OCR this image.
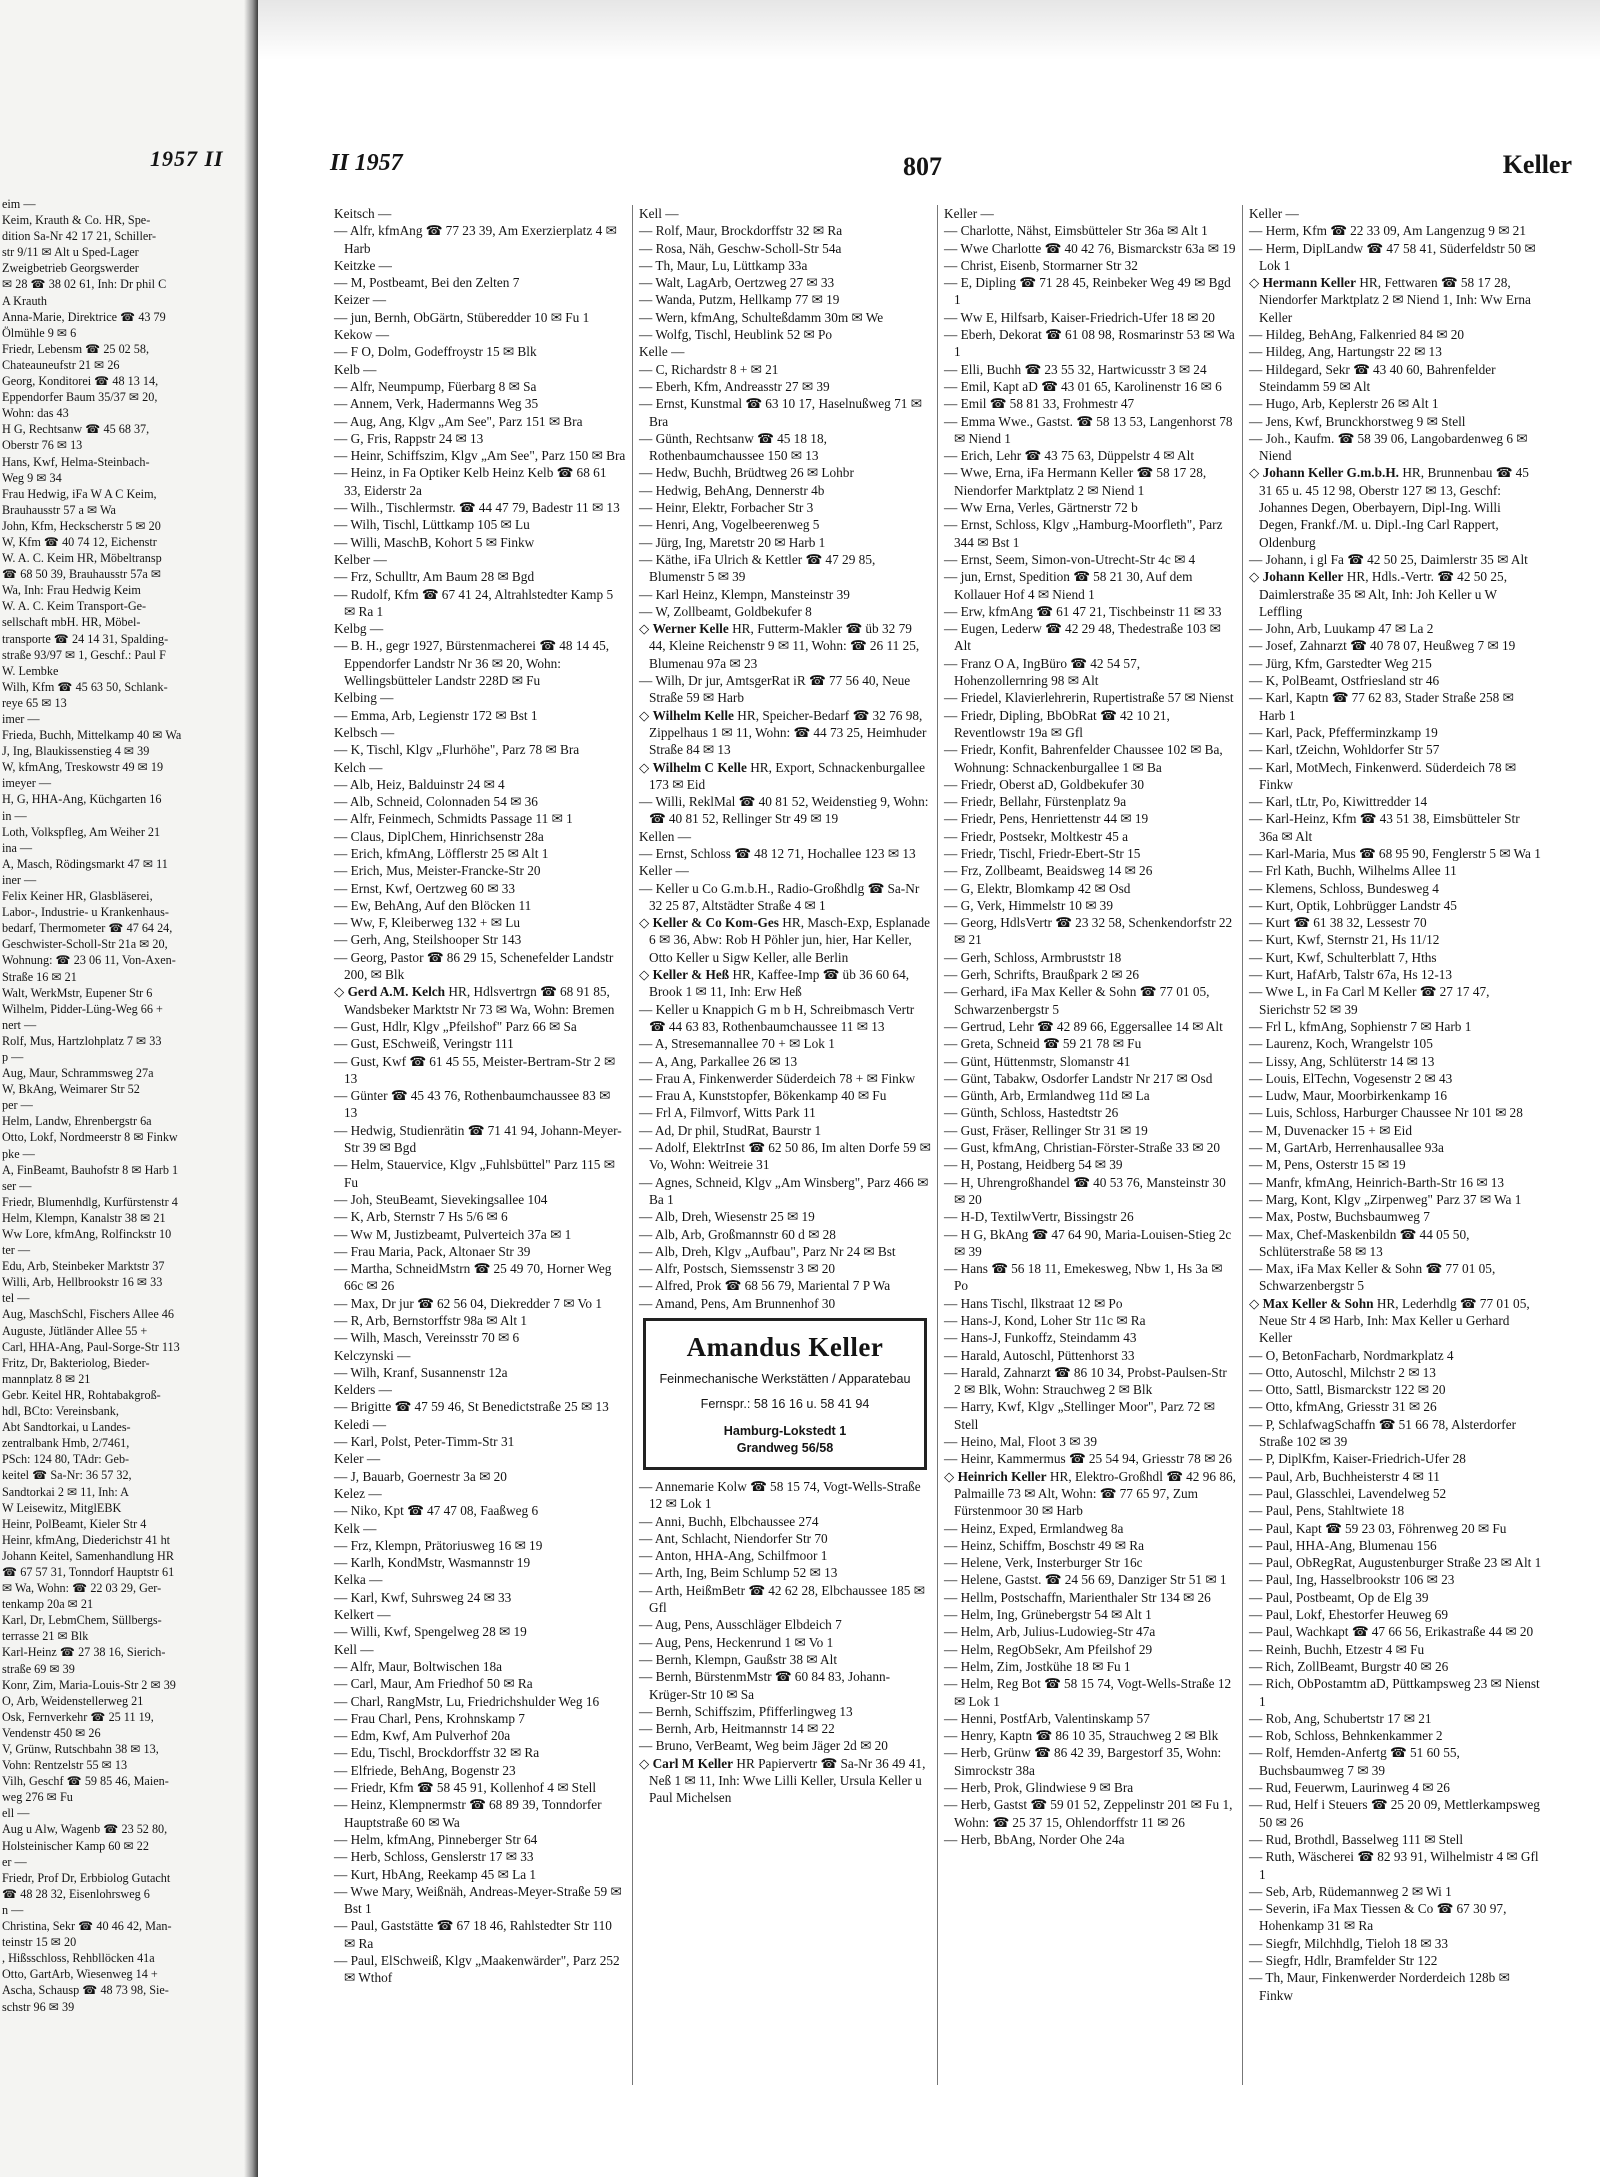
1957 II
eim —
Keim, Krauth & Co. HR, Spe-
dition Sa-Nr 42 17 21, Schiller-
str 9/11 ✉ Alt u Sped-Lager
Zweigbetrieb Georgswerder
✉ 28 ☎ 38 02 61, Inh: Dr phil C
A Krauth
Anna-Marie, Direktrice ☎ 43 79
Ölmühle 9 ✉ 6
Friedr, Lebensm ☎ 25 02 58,
Chateauneufstr 21 ✉ 26
Georg, Konditorei ☎ 48 13 14,
Eppendorfer Baum 35/37 ✉ 20,
Wohn: das 43
H G, Rechtsanw ☎ 45 68 37,
Oberstr 76 ✉ 13
Hans, Kwf, Helma-Steinbach-
Weg 9 ✉ 34
Frau Hedwig, iFa W A C Keim,
Brauhausstr 57 a ✉ Wa
John, Kfm, Heckscherstr 5 ✉ 20
W, Kfm ☎ 40 74 12, Eichenstr
W. A. C. Keim HR, Möbeltransp
☎ 68 50 39, Brauhausstr 57a ✉
Wa, Inh: Frau Hedwig Keim
W. A. C. Keim Transport-Ge-
sellschaft mbH. HR, Möbel-
transporte ☎ 24 14 31, Spalding-
straße 93/97 ✉ 1, Geschf.: Paul F
W. Lembke
Wilh, Kfm ☎ 45 63 50, Schlank-
reye 65 ✉ 13
imer —
Frieda, Buchh, Mittelkamp 40 ✉ Wa
J, Ing, Blaukissenstieg 4 ✉ 39
W, kfmAng, Treskowstr 49 ✉ 19
imeyer —
H, G, HHA-Ang, Küchgarten 16
in —
Loth, Volkspfleg, Am Weiher 21
ina —
A, Masch, Rödingsmarkt 47 ✉ 11
iner —
Felix Keiner HR, Glasbläserei,
Labor-, Industrie- u Krankenhaus-
bedarf, Thermometer ☎ 47 64 24,
Geschwister-Scholl-Str 21a ✉ 20,
Wohnung: ☎ 23 06 11, Von-Axen-
Straße 16 ✉ 21
Walt, WerkMstr, Eupener Str 6
Wilhelm, Pidder-Lüng-Weg 66 +
nert —
Rolf, Mus, Hartzlohplatz 7 ✉ 33
p —
Aug, Maur, Schrammsweg 27a
W, BkAng, Weimarer Str 52
per —
Helm, Landw, Ehrenbergstr 6a
Otto, Lokf, Nordmeerstr 8 ✉ Finkw
pke —
A, FinBeamt, Bauhofstr 8 ✉ Harb 1
ser —
Friedr, Blumenhdlg, Kurfürstenstr 4
Helm, Klempn, Kanalstr 38 ✉ 21
Ww Lore, kfmAng, Rolfinckstr 10
ter —
Edu, Arb, Steinbeker Marktstr 37
Willi, Arb, Hellbrookstr 16 ✉ 33
tel —
Aug, MaschSchl, Fischers Allee 46
Auguste, Jütländer Allee 55 +
Carl, HHA-Ang, Paul-Sorge-Str 113
Fritz, Dr, Bakteriolog, Bieder-
mannplatz 8 ✉ 21
Gebr. Keitel HR, Rohtabakgroß-
hdl, BCto: Vereinsbank,
Abt Sandtorkai, u Landes-
zentralbank Hmb, 2/7461,
PSch: 124 80, TAdr: Geb-
keitel ☎ Sa-Nr: 36 57 32,
Sandtorkai 2 ✉ 11, Inh: A
W Leisewitz, MitglEBK
Heinr, PolBeamt, Kieler Str 4
Heinr, kfmAng, Diederichstr 41 ht
Johann Keitel, Samenhandlung HR
☎ 67 57 31, Tonndorf Hauptstr 61
✉ Wa, Wohn: ☎ 22 03 29, Ger-
tenkamp 20a ✉ 21
Karl, Dr, LebmChem, Süllbergs-
terrasse 21 ✉ Blk
Karl-Heinz ☎ 27 38 16, Sierich-
straße 69 ✉ 39
Konr, Zim, Maria-Louis-Str 2 ✉ 39
O, Arb, Weidenstellerweg 21
Osk, Fernverkehr ☎ 25 11 19,
Vendenstr 450 ✉ 26
V, Grünw, Rutschbahn 38 ✉ 13,
Vohn: Rentzelstr 55 ✉ 13
Vilh, Geschf ☎ 59 85 46, Maien-
weg 276 ✉ Fu
ell —
Aug u Alw, Wagenb ☎ 23 52 80,
Holsteinischer Kamp 60 ✉ 22
er —
Friedr, Prof Dr, Erbbiolog Gutacht
☎ 48 28 32, Eisenlohrsweg 6
n —
Christina, Sekr ☎ 40 46 42, Man-
teinstr 15 ✉ 20
, Hißsschloss, Rehbllöcken 41a
Otto, GartArb, Wiesenweg 14 +
Ascha, Schausp ☎ 48 73 98, Sie-
schstr 96 ✉ 39
II 1957	807	Keller
Keitsch —
— Alfr, kfmAng ☎ 77 23 39, Am Exerzierplatz 4 ✉ Harb
Keitzke —
— M, Postbeamt, Bei den Zelten 7
Keizer —
— jun, Bernh, ObGärtn, Stüberedder 10 ✉ Fu 1
Kekow —
— F O, Dolm, Godeffroystr 15 ✉ Blk
Kelb —
— Alfr, Neumpump, Füerbarg 8 ✉ Sa
— Annem, Verk, Hadermanns Weg 35
— Aug, Ang, Klgv „Am See", Parz 151 ✉ Bra
— G, Fris, Rappstr 24 ✉ 13
— Heinr, Schiffszim, Klgv „Am See", Parz 150 ✉ Bra
— Heinz, in Fa Optiker Kelb Heinz Kelb ☎ 68 61 33, Eiderstr 2a
— Wilh., Tischlermstr. ☎ 44 47 79, Badestr 11 ✉ 13
— Wilh, Tischl, Lüttkamp 105 ✉ Lu
— Willi, MaschB, Kohort 5 ✉ Finkw
Kelber —
— Frz, Schulltr, Am Baum 28 ✉ Bgd
— Rudolf, Kfm ☎ 67 41 24, Altrahlstedter Kamp 5 ✉ Ra 1
Kelbg —
— B. H., gegr 1927, Bürstenmacherei ☎ 48 14 45, Eppendorfer Landstr Nr 36 ✉ 20, Wohn: Wellingsbütteler Landstr 228D ✉ Fu
Kelbing —
— Emma, Arb, Legienstr 172 ✉ Bst 1
Kelbsch —
— K, Tischl, Klgv „Flurhöhe", Parz 78 ✉ Bra
Kelch —
— Alb, Heiz, Balduinstr 24 ✉ 4
— Alb, Schneid, Colonnaden 54 ✉ 36
— Alfr, Feinmech, Schmidts Passage 11 ✉ 1
— Claus, DiplChem, Hinrichsenstr 28a
— Erich, kfmAng, Löfflerstr 25 ✉ Alt 1
— Erich, Mus, Meister-Francke-Str 20
— Ernst, Kwf, Oertzweg 60 ✉ 33
— Ew, BehAng, Auf den Blöcken 11
— Ww, F, Kleiberweg 132 + ✉ Lu
— Gerh, Ang, Steilshooper Str 143
— Georg, Pastor ☎ 86 29 15, Schenefelder Landstr 200, ✉ Blk
◇ Gerd A.M. Kelch HR, Hdlsvertrgn ☎ 68 91 85, Wandsbeker Marktstr Nr 73 ✉ Wa, Wohn: Bremen
— Gust, Hdlr, Klgv „Pfeilshof" Parz 66 ✉ Sa
— Gust, ESchweiß, Veringstr 111
— Gust, Kwf ☎ 61 45 55, Meister-Bertram-Str 2 ✉ 13
— Günter ☎ 45 43 76, Rothenbaumchaussee 83 ✉ 13
— Hedwig, Studienrätin ☎ 71 41 94, Johann-Meyer-Str 39 ✉ Bgd
— Helm, Stauervice, Klgv „Fuhlsbüttel" Parz 115 ✉ Fu
— Joh, SteuBeamt, Sievekingsallee 104
— K, Arb, Sternstr 7 Hs 5/6 ✉ 6
— Ww M, Justizbeamt, Pulverteich 37a ✉ 1
— Frau Maria, Pack, Altonaer Str 39
— Martha, SchneidMstrn ☎ 25 49 70, Horner Weg 66c ✉ 26
— Max, Dr jur ☎ 62 56 04, Diekredder 7 ✉ Vo 1
— R, Arb, Bernstorffstr 98a ✉ Alt 1
— Wilh, Masch, Vereinsstr 70 ✉ 6
Kelczynski —
— Wilh, Kranf, Susannenstr 12a
Kelders —
— Brigitte ☎ 47 59 46, St Benedictstraße 25 ✉ 13
Keledi —
— Karl, Polst, Peter-Timm-Str 31
Keler —
— J, Bauarb, Goernestr 3a ✉ 20
Kelez —
— Niko, Kpt ☎ 47 47 08, Faaßweg 6
Kelk —
— Frz, Klempn, Prätoriusweg 16 ✉ 19
— Karlh, KondMstr, Wasmannstr 19
Kelka —
— Karl, Kwf, Suhrsweg 24 ✉ 33
Kelkert —
— Willi, Kwf, Spengelweg 28 ✉ 19
Kell —
— Alfr, Maur, Boltwischen 18a
— Carl, Maur, Am Friedhof 50 ✉ Ra
— Charl, RangMstr, Lu, Friedrichshulder Weg 16
— Frau Charl, Pens, Krohnskamp 7
— Edm, Kwf, Am Pulverhof 20a
— Edu, Tischl, Brockdorffstr 32 ✉ Ra
— Elfriede, BehAng, Bogenstr 23
— Friedr, Kfm ☎ 58 45 91, Kollenhof 4 ✉ Stell
— Heinz, Klempnermstr ☎ 68 89 39, Tonndorfer Hauptstraße 60 ✉ Wa
— Helm, kfmAng, Pinneberger Str 64
— Herb, Schloss, Genslerstr 17 ✉ 33
— Kurt, HbAng, Reekamp 45 ✉ La 1
— Wwe Mary, Weißnäh, Andreas-Meyer-Straße 59 ✉ Bst 1
— Paul, Gaststätte ☎ 67 18 46, Rahlstedter Str 110 ✉ Ra
— Paul, ElSchweiß, Klgv „Maakenwärder", Parz 252 ✉ Wthof
Kell —
— Rolf, Maur, Brockdorffstr 32 ✉ Ra
— Rosa, Näh, Geschw-Scholl-Str 54a
— Th, Maur, Lu, Lüttkamp 33a
— Walt, LagArb, Oertzweg 27 ✉ 33
— Wanda, Putzm, Hellkamp 77 ✉ 19
— Wern, kfmAng, Schulteßdamm 30m ✉ We
— Wolfg, Tischl, Heublink 52 ✉ Po
Kelle —
— C, Richardstr 8 + ✉ 21
— Eberh, Kfm, Andreasstr 27 ✉ 39
— Ernst, Kunstmal ☎ 63 10 17, Haselnußweg 71 ✉ Bra
— Günth, Rechtsanw ☎ 45 18 18, Rothenbaumchaussee 150 ✉ 13
— Hedw, Buchh, Brüdtweg 26 ✉ Lohbr
— Hedwig, BehAng, Dennerstr 4b
— Heinr, Elektr, Forbacher Str 3
— Henri, Ang, Vogelbeerenweg 5
— Jürg, Ing, Maretstr 20 ✉ Harb 1
— Käthe, iFa Ulrich & Kettler ☎ 47 29 85, Blumenstr 5 ✉ 39
— Karl Heinz, Klempn, Mansteinstr 39
— W, Zollbeamt, Goldbekufer 8
◇ Werner Kelle HR, Futterm-Makler ☎ üb 32 79 44, Kleine Reichenstr 9 ✉ 11, Wohn: ☎ 26 11 25, Blumenau 97a ✉ 23
— Wilh, Dr jur, AmtsgerRat iR ☎ 77 56 40, Neue Straße 59 ✉ Harb
◇ Wilhelm Kelle HR, Speicher-Bedarf ☎ 32 76 98, Zippelhaus 1 ✉ 11, Wohn: ☎ 44 73 25, Heimhuder Straße 84 ✉ 13
◇ Wilhelm C Kelle HR, Export, Schnackenburgallee 173 ✉ Eid
— Willi, ReklMal ☎ 40 81 52, Weidenstieg 9, Wohn: ☎ 40 81 52, Rellinger Str 49 ✉ 19
Kellen —
— Ernst, Schloss ☎ 48 12 71, Hochallee 123 ✉ 13
Keller —
— Keller u Co G.m.b.H., Radio-Großhdlg ☎ Sa-Nr 32 25 87, Altstädter Straße 4 ✉ 1
◇ Keller & Co Kom-Ges HR, Masch-Exp, Esplanade 6 ✉ 36, Abw: Rob H Pöhler jun, hier, Har Keller, Otto Keller u Sigw Keller, alle Berlin
◇ Keller & Heß HR, Kaffee-Imp ☎ üb 36 60 64, Brook 1 ✉ 11, Inh: Erw Heß
— Keller u Knappich G m b H, Schreibmasch Vertr ☎ 44 63 83, Rothenbaumchaussee 11 ✉ 13
— A, Stresemannallee 70 + ✉ Lok 1
— A, Ang, Parkallee 26 ✉ 13
— Frau A, Finkenwerder Süderdeich 78 + ✉ Finkw
— Frau A, Kunststopfer, Bökenkamp 40 ✉ Fu
— Frl A, Filmvorf, Witts Park 11
— Ad, Dr phil, StudRat, Baurstr 1
— Adolf, ElektrInst ☎ 62 50 86, Im alten Dorfe 59 ✉ Vo, Wohn: Weitreie 31
— Agnes, Schneid, Klgv „Am Winsberg", Parz 466 ✉ Ba 1
— Alb, Dreh, Wiesenstr 25 ✉ 19
— Alb, Arb, Großmannstr 60 d ✉ 28
— Alb, Dreh, Klgv „Aufbau", Parz Nr 24 ✉ Bst
— Alfr, Postsch, Siemssenstr 3 ✉ 20
— Alfred, Prok ☎ 68 56 79, Mariental 7 P Wa
— Amand, Pens, Am Brunnenhof 30
Amandus Keller
Feinmechanische Werkstätten / Apparatebau
Fernspr.: 58 16 16 u. 58 41 94
Hamburg-Lokstedt 1
Grandweg 56/58
— Annemarie Kolw ☎ 58 15 74, Vogt-Wells-Straße 12 ✉ Lok 1
— Anni, Buchh, Elbchaussee 274
— Ant, Schlacht, Niendorfer Str 70
— Anton, HHA-Ang, Schilfmoor 1
— Arth, Ing, Beim Schlump 52 ✉ 13
— Arth, HeißmBetr ☎ 42 62 28, Elbchaussee 185 ✉ Gfl
— Aug, Pens, Ausschläger Elbdeich 7
— Aug, Pens, Heckenrund 1 ✉ Vo 1
— Bernh, Klempn, Gaußstr 38 ✉ Alt
— Bernh, BürstenmMstr ☎ 60 84 83, Johann-Krüger-Str 10 ✉ Sa
— Bernh, Schiffszim, Pfifferlingweg 13
— Bernh, Arb, Heitmannstr 14 ✉ 22
— Bruno, VerBeamt, Weg beim Jäger 2d ✉ 20
◇ Carl M Keller HR Papiervertr ☎ Sa-Nr 36 49 41, Neß 1 ✉ 11, Inh: Wwe Lilli Keller, Ursula Keller u Paul Michelsen
Keller —
— Charlotte, Nähst, Eimsbütteler Str 36a ✉ Alt 1
— Wwe Charlotte ☎ 40 42 76, Bismarckstr 63a ✉ 19
— Christ, Eisenb, Stormarner Str 32
— E, Dipling ☎ 71 28 45, Reinbeker Weg 49 ✉ Bgd 1
— Ww E, Hilfsarb, Kaiser-Friedrich-Ufer 18 ✉ 20
— Eberh, Dekorat ☎ 61 08 98, Rosmarinstr 53 ✉ Wa 1
— Elli, Buchh ☎ 23 55 32, Hartwicusstr 3 ✉ 24
— Emil, Kapt aD ☎ 43 01 65, Karolinenstr 16 ✉ 6
— Emil ☎ 58 81 33, Frohmestr 47
— Emma Wwe., Gastst. ☎ 58 13 53, Langenhorst 78 ✉ Niend 1
— Erich, Lehr ☎ 43 75 63, Düppelstr 4 ✉ Alt
— Wwe, Erna, iFa Hermann Keller ☎ 58 17 28, Niendorfer Marktplatz 2 ✉ Niend 1
— Ww Erna, Verles, Gärtnerstr 72 b
— Ernst, Schloss, Klgv „Hamburg-Moorfleth", Parz 344 ✉ Bst 1
— Ernst, Seem, Simon-von-Utrecht-Str 4c ✉ 4
— jun, Ernst, Spedition ☎ 58 21 30, Auf dem Kollauer Hof 4 ✉ Niend 1
— Erw, kfmAng ☎ 61 47 21, Tischbeinstr 11 ✉ 33
— Eugen, Lederw ☎ 42 29 48, Thedestraße 103 ✉ Alt
— Franz O A, IngBüro ☎ 42 54 57, Hohenzollernring 98 ✉ Alt
— Friedel, Klavierlehrerin, Rupertistraße 57 ✉ Nienst
— Friedr, Dipling, BbObRat ☎ 42 10 21, Reventlowstr 19a ✉ Gfl
— Friedr, Konfit, Bahrenfelder Chaussee 102 ✉ Ba, Wohnung: Schnackenburgallee 1 ✉ Ba
— Friedr, Oberst aD, Goldbekufer 30
— Friedr, Bellahr, Fürstenplatz 9a
— Friedr, Pens, Henriettenstr 44 ✉ 19
— Friedr, Postsekr, Moltkestr 45 a
— Friedr, Tischl, Friedr-Ebert-Str 15
— Frz, Zollbeamt, Beaidsweg 14 ✉ 26
— G, Elektr, Blomkamp 42 ✉ Osd
— G, Verk, Himmelstr 10 ✉ 39
— Georg, HdlsVertr ☎ 23 32 58, Schenkendorfstr 22 ✉ 21
— Gerh, Schloss, Armbruststr 18
— Gerh, Schrifts, Braußpark 2 ✉ 26
— Gerhard, iFa Max Keller & Sohn ☎ 77 01 05, Schwarzenbergstr 5
— Gertrud, Lehr ☎ 42 89 66, Eggersallee 14 ✉ Alt
— Greta, Schneid ☎ 59 21 78 ✉ Fu
— Günt, Hüttenmstr, Slomanstr 41
— Günt, Tabakw, Osdorfer Landstr Nr 217 ✉ Osd
— Günth, Arb, Ermlandweg 11d ✉ La
— Günth, Schloss, Hastedtstr 26
— Gust, Fräser, Rellinger Str 31 ✉ 19
— Gust, kfmAng, Christian-Förster-Straße 33 ✉ 20
— H, Postang, Heidberg 54 ✉ 39
— H, Uhrengroßhandel ☎ 40 53 76, Mansteinstr 30 ✉ 20
— H-D, TextilwVertr, Bissingstr 26
— H G, BkAng ☎ 47 64 90, Maria-Louisen-Stieg 2c ✉ 39
— Hans ☎ 56 18 11, Emekesweg, Nbw 1, Hs 3a ✉ Po
— Hans Tischl, Ilkstraat 12 ✉ Po
— Hans-J, Kond, Loher Str 11c ✉ Ra
— Hans-J, Funkoffz, Steindamm 43
— Harald, Autoschl, Püttenhorst 33
— Harald, Zahnarzt ☎ 86 10 34, Probst-Paulsen-Str 2 ✉ Blk, Wohn: Strauchweg 2 ✉ Blk
— Harry, Kwf, Klgv „Stellinger Moor", Parz 72 ✉ Stell
— Heino, Mal, Floot 3 ✉ 39
— Heinr, Kammermus ☎ 25 54 94, Griesstr 78 ✉ 26
◇ Heinrich Keller HR, Elektro-Großhdl ☎ 42 96 86, Palmaille 73 ✉ Alt, Wohn: ☎ 77 65 97, Zum Fürstenmoor 30 ✉ Harb
— Heinz, Exped, Ermlandweg 8a
— Heinz, Schiffm, Boschstr 49 ✉ Ra
— Helene, Verk, Insterburger Str 16c
— Helene, Gastst. ☎ 24 56 69, Danziger Str 51 ✉ 1
— Hellm, Postschaffn, Marienthaler Str 134 ✉ 26
— Helm, Ing, Grünebergstr 54 ✉ Alt 1
— Helm, Arb, Julius-Ludowieg-Str 47a
— Helm, RegObSekr, Am Pfeilshof 29
— Helm, Zim, Jostkühe 18 ✉ Fu 1
— Helm, Reg Bot ☎ 58 15 74, Vogt-Wells-Straße 12 ✉ Lok 1
— Henni, PostfArb, Valentinskamp 57
— Henry, Kaptn ☎ 86 10 35, Strauchweg 2 ✉ Blk
— Herb, Grünw ☎ 86 42 39, Bargestorf 35, Wohn: Simrockstr 38a
— Herb, Prok, Glindwiese 9 ✉ Bra
— Herb, Gastst ☎ 59 01 52, Zeppelinstr 201 ✉ Fu 1, Wohn: ☎ 25 37 15, Ohlendorffstr 11 ✉ 26
— Herb, BbAng, Norder Ohe 24a
Keller —
— Herm, Kfm ☎ 22 33 09, Am Langenzug 9 ✉ 21
— Herm, DiplLandw ☎ 47 58 41, Süderfeldstr 50 ✉ Lok 1
◇ Hermann Keller HR, Fettwaren ☎ 58 17 28, Niendorfer Marktplatz 2 ✉ Niend 1, Inh: Ww Erna Keller
— Hildeg, BehAng, Falkenried 84 ✉ 20
— Hildeg, Ang, Hartungstr 22 ✉ 13
— Hildegard, Sekr ☎ 43 40 60, Bahrenfelder Steindamm 59 ✉ Alt
— Hugo, Arb, Keplerstr 26 ✉ Alt 1
— Jens, Kwf, Brunckhorstweg 9 ✉ Stell
— Joh., Kaufm. ☎ 58 39 06, Langobardenweg 6 ✉ Niend
◇ Johann Keller G.m.b.H. HR, Brunnenbau ☎ 45 31 65 u. 45 12 98, Oberstr 127 ✉ 13, Geschf: Johannes Degen, Oberbayern, Dipl-Ing. Willi Degen, Frankf./M. u. Dipl.-Ing Carl Rappert, Oldenburg
— Johann, i gl Fa ☎ 42 50 25, Daimlerstr 35 ✉ Alt
◇ Johann Keller HR, Hdls.-Vertr. ☎ 42 50 25, Daimlerstraße 35 ✉ Alt, Inh: Joh Keller u W Leffling
— John, Arb, Luukamp 47 ✉ La 2
— Josef, Zahnarzt ☎ 40 78 07, Heußweg 7 ✉ 19
— Jürg, Kfm, Garstedter Weg 215
— K, PolBeamt, Ostfriesland str 46
— Karl, Kaptn ☎ 77 62 83, Stader Straße 258 ✉ Harb 1
— Karl, Pack, Pfefferminzkamp 19
— Karl, tZeichn, Wohldorfer Str 57
— Karl, MotMech, Finkenwerd. Süderdeich 78 ✉ Finkw
— Karl, tLtr, Po, Kiwittredder 14
— Karl-Heinz, Kfm ☎ 43 51 38, Eimsbütteler Str 36a ✉ Alt
— Karl-Maria, Mus ☎ 68 95 90, Fenglerstr 5 ✉ Wa 1
— Frl Kath, Buchh, Wilhelms Allee 11
— Klemens, Schloss, Bundesweg 4
— Kurt, Optik, Lohbrügger Landstr 45
— Kurt ☎ 61 38 32, Lessestr 70
— Kurt, Kwf, Sternstr 21, Hs 11/12
— Kurt, Kwf, Schulterblatt 7, Hths
— Kurt, HafArb, Talstr 67a, Hs 12-13
— Wwe L, in Fa Carl M Keller ☎ 27 17 47, Sierichstr 52 ✉ 39
— Frl L, kfmAng, Sophienstr 7 ✉ Harb 1
— Laurenz, Koch, Wrangelstr 105
— Lissy, Ang, Schlüterstr 14 ✉ 13
— Louis, ElTechn, Vogesenstr 2 ✉ 43
— Ludw, Maur, Moorbirkenkamp 16
— Luis, Schloss, Harburger Chaussee Nr 101 ✉ 28
— M, Duvenacker 15 + ✉ Eid
— M, GartArb, Herrenhausallee 93a
— M, Pens, Osterstr 15 ✉ 19
— Manfr, kfmAng, Heinrich-Barth-Str 16 ✉ 13
— Marg, Kont, Klgv „Zirpenweg" Parz 37 ✉ Wa 1
— Max, Postw, Buchsbaumweg 7
— Max, Chef-Maskenbildn ☎ 44 05 50, Schlüterstraße 58 ✉ 13
— Max, iFa Max Keller & Sohn ☎ 77 01 05, Schwarzenbergstr 5
◇ Max Keller & Sohn HR, Lederhdlg ☎ 77 01 05, Neue Str 4 ✉ Harb, Inh: Max Keller u Gerhard Keller
— O, BetonFacharb, Nordmarkplatz 4
— Otto, Autoschl, Milchstr 2 ✉ 13
— Otto, Sattl, Bismarckstr 122 ✉ 20
— Otto, kfmAng, Griesstr 31 ✉ 26
— P, SchlafwagSchaffn ☎ 51 66 78, Alsterdorfer Straße 102 ✉ 39
— P, DiplKfm, Kaiser-Friedrich-Ufer 28
— Paul, Arb, Buchheisterstr 4 ✉ 11
— Paul, Glasschlei, Lavendelweg 52
— Paul, Pens, Stahltwiete 18
— Paul, Kapt ☎ 59 23 03, Föhrenweg 20 ✉ Fu
— Paul, HHA-Ang, Blumenau 156
— Paul, ObRegRat, Augustenburger Straße 23 ✉ Alt 1
— Paul, Ing, Hasselbrookstr 106 ✉ 23
— Paul, Postbeamt, Op de Elg 39
— Paul, Lokf, Ehestorfer Heuweg 69
— Paul, Wachkapt ☎ 47 66 56, Erikastraße 44 ✉ 20
— Reinh, Buchh, Etzestr 4 ✉ Fu
— Rich, ZollBeamt, Burgstr 40 ✉ 26
— Rich, ObPostamtm aD, Püttkampsweg 23 ✉ Nienst 1
— Rob, Ang, Schubertstr 17 ✉ 21
— Rob, Schloss, Behnkenkammer 2
— Rolf, Hemden-Anfertg ☎ 51 60 55, Buchsbaumweg 7 ✉ 39
— Rud, Feuerwm, Laurinweg 4 ✉ 26
— Rud, Helf i Steuers ☎ 25 20 09, Mettlerkampsweg 50 ✉ 26
— Rud, Brothdl, Basselweg 111 ✉ Stell
— Ruth, Wäscherei ☎ 82 93 91, Wilhelmistr 4 ✉ Gfl 1
— Seb, Arb, Rüdemannweg 2 ✉ Wi 1
— Severin, iFa Max Tiessen & Co ☎ 67 30 97, Hohenkamp 31 ✉ Ra
— Siegfr, Milchhdlg, Tieloh 18 ✉ 33
— Siegfr, Hdlr, Bramfelder Str 122
— Th, Maur, Finkenwerder Norderdeich 128b ✉ Finkw
